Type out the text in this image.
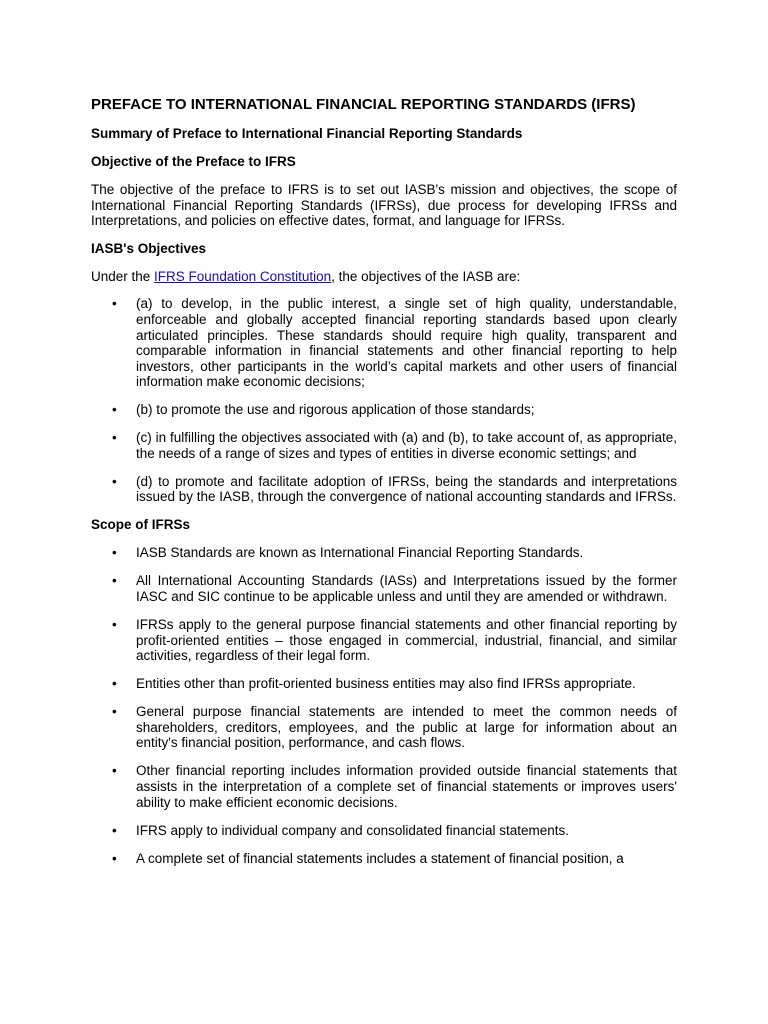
PREFACE TO INTERNATIONAL FINANCIAL REPORTING STANDARDS (IFRS)
Summary of Preface to International Financial Reporting Standards
Objective of the Preface to IFRS
The objective of the preface to IFRS is to set out IASB's mission and objectives, the scope of International Financial Reporting Standards (IFRSs), due process for developing IFRSs and Interpretations, and policies on effective dates, format, and language for IFRSs.
IASB's Objectives
Under the IFRS Foundation Constitution, the objectives of the IASB are:
• (a) to develop, in the public interest, a single set of high quality, understandable, enforceable and globally accepted financial reporting standards based upon clearly articulated principles. These standards should require high quality, transparent and comparable information in financial statements and other financial reporting to help investors, other participants in the world’s capital markets and other users of financial information make economic decisions;
• (b) to promote the use and rigorous application of those standards;
• (c) in fulfilling the objectives associated with (a) and (b), to take account of, as appropriate, the needs of a range of sizes and types of entities in diverse economic settings; and
• (d) to promote and facilitate adoption of IFRSs, being the standards and interpretations issued by the IASB, through the convergence of national accounting standards and IFRSs.
Scope of IFRSs
• IASB Standards are known as International Financial Reporting Standards.
• All International Accounting Standards (IASs) and Interpretations issued by the former IASC and SIC continue to be applicable unless and until they are amended or withdrawn.
• IFRSs apply to the general purpose financial statements and other financial reporting by profit-oriented entities – those engaged in commercial, industrial, financial, and similar activities, regardless of their legal form.
• Entities other than profit-oriented business entities may also find IFRSs appropriate.
• General purpose financial statements are intended to meet the common needs of shareholders, creditors, employees, and the public at large for information about an entity's financial position, performance, and cash flows.
• Other financial reporting includes information provided outside financial statements that assists in the interpretation of a complete set of financial statements or improves users' ability to make efficient economic decisions.
• IFRS apply to individual company and consolidated financial statements.
• A complete set of financial statements includes a statement of financial position, a
